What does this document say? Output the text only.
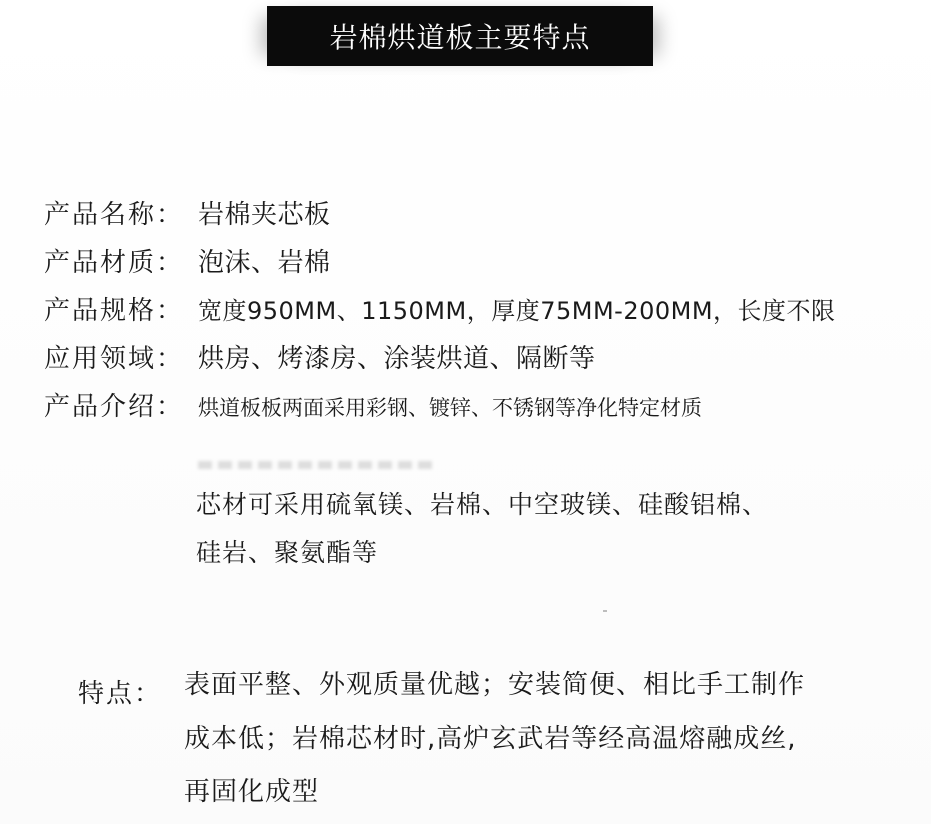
岩棉烘道板主要特点
产品名称： 岩棉夹芯板
产品材质： 泡沫、岩棉
产品规格： 宽度950MM、1150MM，厚度75MM-200MM，长度不限
应用领域： 烘房、烤漆房、涂装烘道、隔断等
产品介绍： 烘道板板两面采用彩钢、镀锌、不锈钢等净化特定材质
芯材可采用硫氧镁、岩棉、中空玻镁、硅酸铝棉、
硅岩、聚氨酯等
特点： 表面平整、外观质量优越；安装简便、相比手工制作
成本低；岩棉芯材时,高炉玄武岩等经高温熔融成丝,
再固化成型
